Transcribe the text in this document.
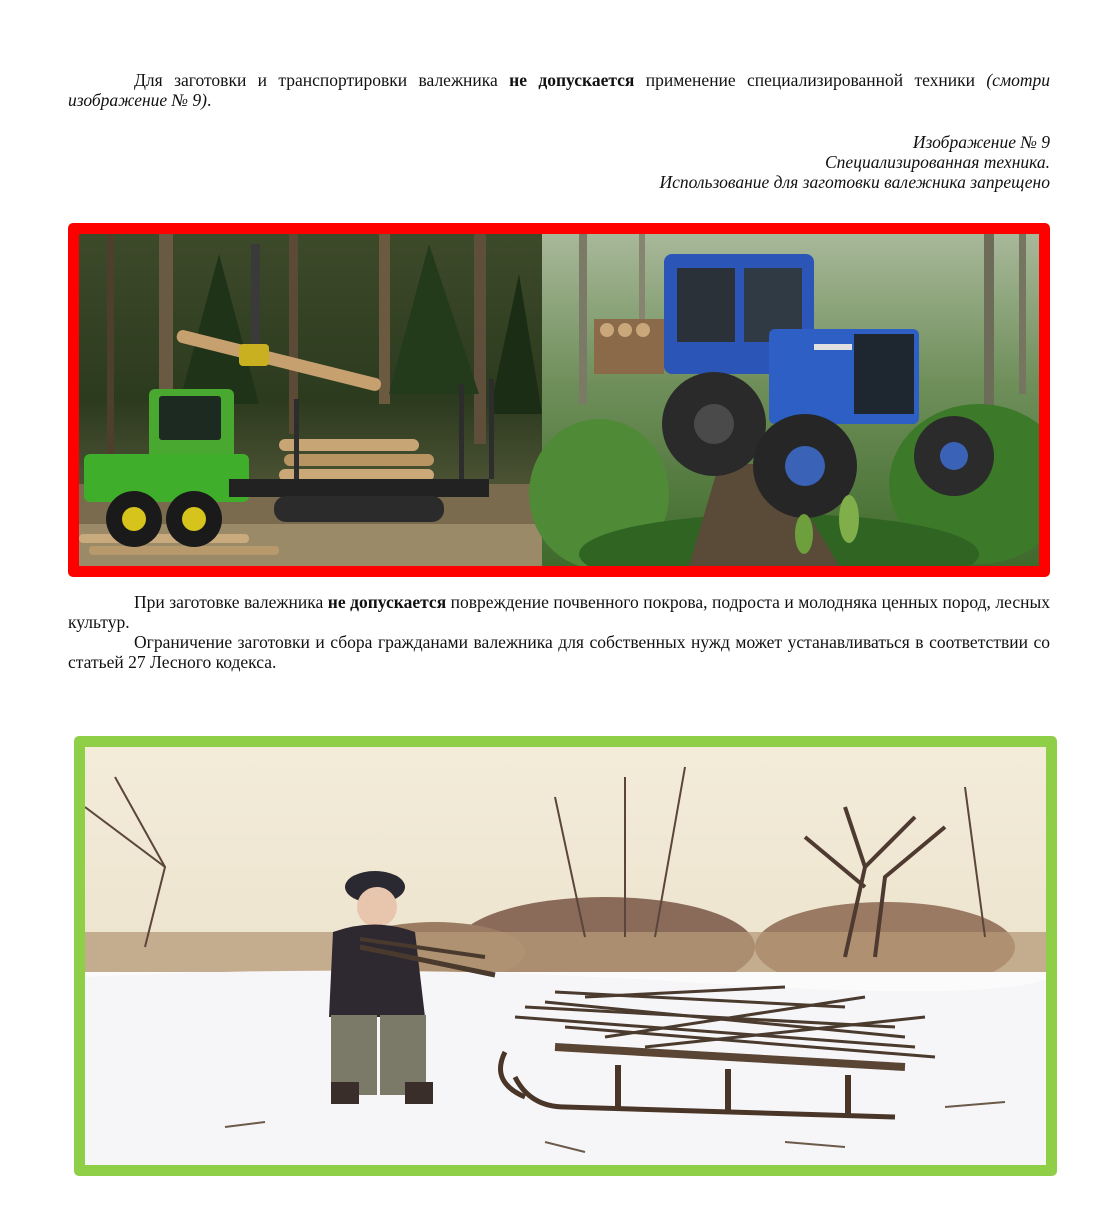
Для заготовки и транспортировки валежника не допускается применение специализированной техники (смотри изображение № 9).

Изображение № 9
Специализированная техника.
Использование для заготовки валежника запрещено

При заготовке валежника не допускается повреждение почвенного покрова, подроста и молодняка ценных пород, лесных культур.

Ограничение заготовки и сбора гражданами валежника для собственных нужд может устанавливаться в соответствии со статьей 27 Лесного кодекса.
